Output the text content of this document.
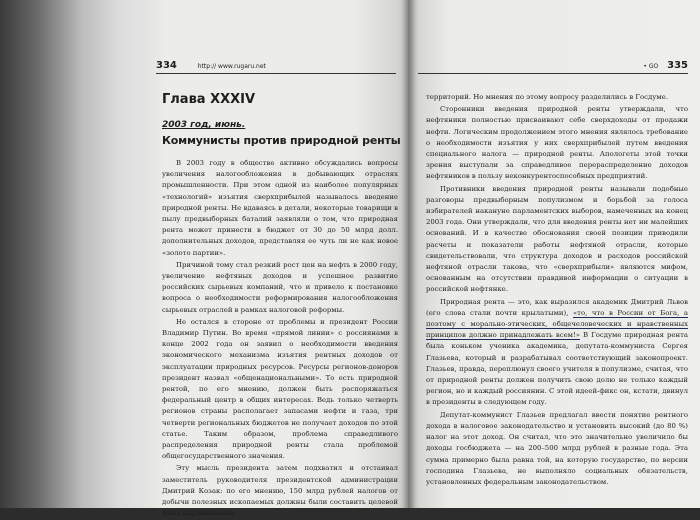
334	http:// www.rugaru.net
Глава XXXIV
2003 год, июнь.
Коммунисты против природной ренты

В 2003 году в обществе активно обсуждались вопросы увеличения налогообложения в добывающих отраслях промышленности. При этом одной из наиболее популярных «технологий» изъятия сверхприбылей называлось введение природной ренты. Не вдаваясь в детали, некоторые товарищи в пылу предвыборных баталий заявляли о том, что природная рента может принести в бюджет от 30 до 50 млрд долл. дополнительных доходов, представляя ее чуть ли не как новое «золото партии».

Причиной тому стал резкий рост цен на нефть в 2000 году, увеличение нефтяных доходов и успешное развитие российских сырьевых компаний, что и привело к постановке вопроса о необходимости реформирования налогообложения сырьевых отраслей в рамках налоговой реформы.

Не остался в стороне от проблемы и президент России Владимир Путин. Во время «прямой линии» с россиянами в конце 2002 года он заявил о необходимости введения экономического механизма изъятия рентных доходов от эксплуатации природных ресурсов. Ресурсы регионов-доноров президент назвал «общенациональными». То есть природной рентой, по его мнению, должен быть распоряжаться федеральный центр в общих интересах. Ведь только четверть регионов страны располагает запасами нефти и газа, три четверти региональных бюджетов не получает доходов по этой статье. Таким образом, проблема справедливого распределения природной ренты стала проблемой общегосударственного значения.

Эту мысль президента затем подхватил и отстаивал заместитель руководителя президентской администрации Дмитрий Козак: по его мнению, 150 млрд рублей налогов от добычи полезных ископаемых должны были составить целевой фонд выравнивания

• GO 335

территорий. Но мнения по этому вопросу разделились в Госдуме.

Сторонники введения природной ренты утверждали, что нефтяники полностью присваивают себе сверхдоходы от продажи нефти. Логическим продолжением этого мнения являлось требование о необходимости изъятия у них сверхприбылей путем введения специального налога — природной ренты. Апологеты этой точки зрения выступали за справедливое перераспределение доходов нефтяников в пользу неконкурентоспособных предприятий.

Противники введения природной ренты называли подобные разговоры предвыборным популизмом и борьбой за голоса избирателей накануне парламентских выборов, намеченных на конец 2003 года. Они утверждали, что для введения ренты нет ни малейших оснований. И в качестве обоснования своей позиции приводили расчеты и показатели работы нефтяной отрасли, которые свидетельствовали, что структура доходов и расходов российской нефтяной отрасли такова, что «сверхприбыли» являются мифом, основанным на отсутствии правдивой информации о ситуации в российской нефтянке.

Природная рента — это, как выразился академик Дмитрий Львов (его слова стали почти крылатыми), «то, что в России от Бога, а поэтому с морально-этических, общечеловеческих и нравственных принципов должно принадлежать всем!» В Госдуме природная рента была коньком ученика академика, депутата-коммуниста Сергея Глазьева, который и разрабатывал соответствующий законопроект. Глазьев, правда, переплюнул своего учителя в популизме, считая, что от природной ренты должен получить свою долю не только каждый регион, но и каждый россиянин. С этой идеей-фикс он, кстати, двинул в президенты в следующем году.

Депутат-коммунист Глазьев предлагал ввести понятие рентного дохода в налоговое законодательство и установить высокий (до 80 %) налог на этот доход. Он считал, что это значительно увеличило бы доходы госбюджета — на 200–500 млрд рублей в разные года. Эта сумма примерно была равна той, на которую государство, по версии господина Глазьева, не выполняло социальных обязательств, установленных федеральным законодательством.
